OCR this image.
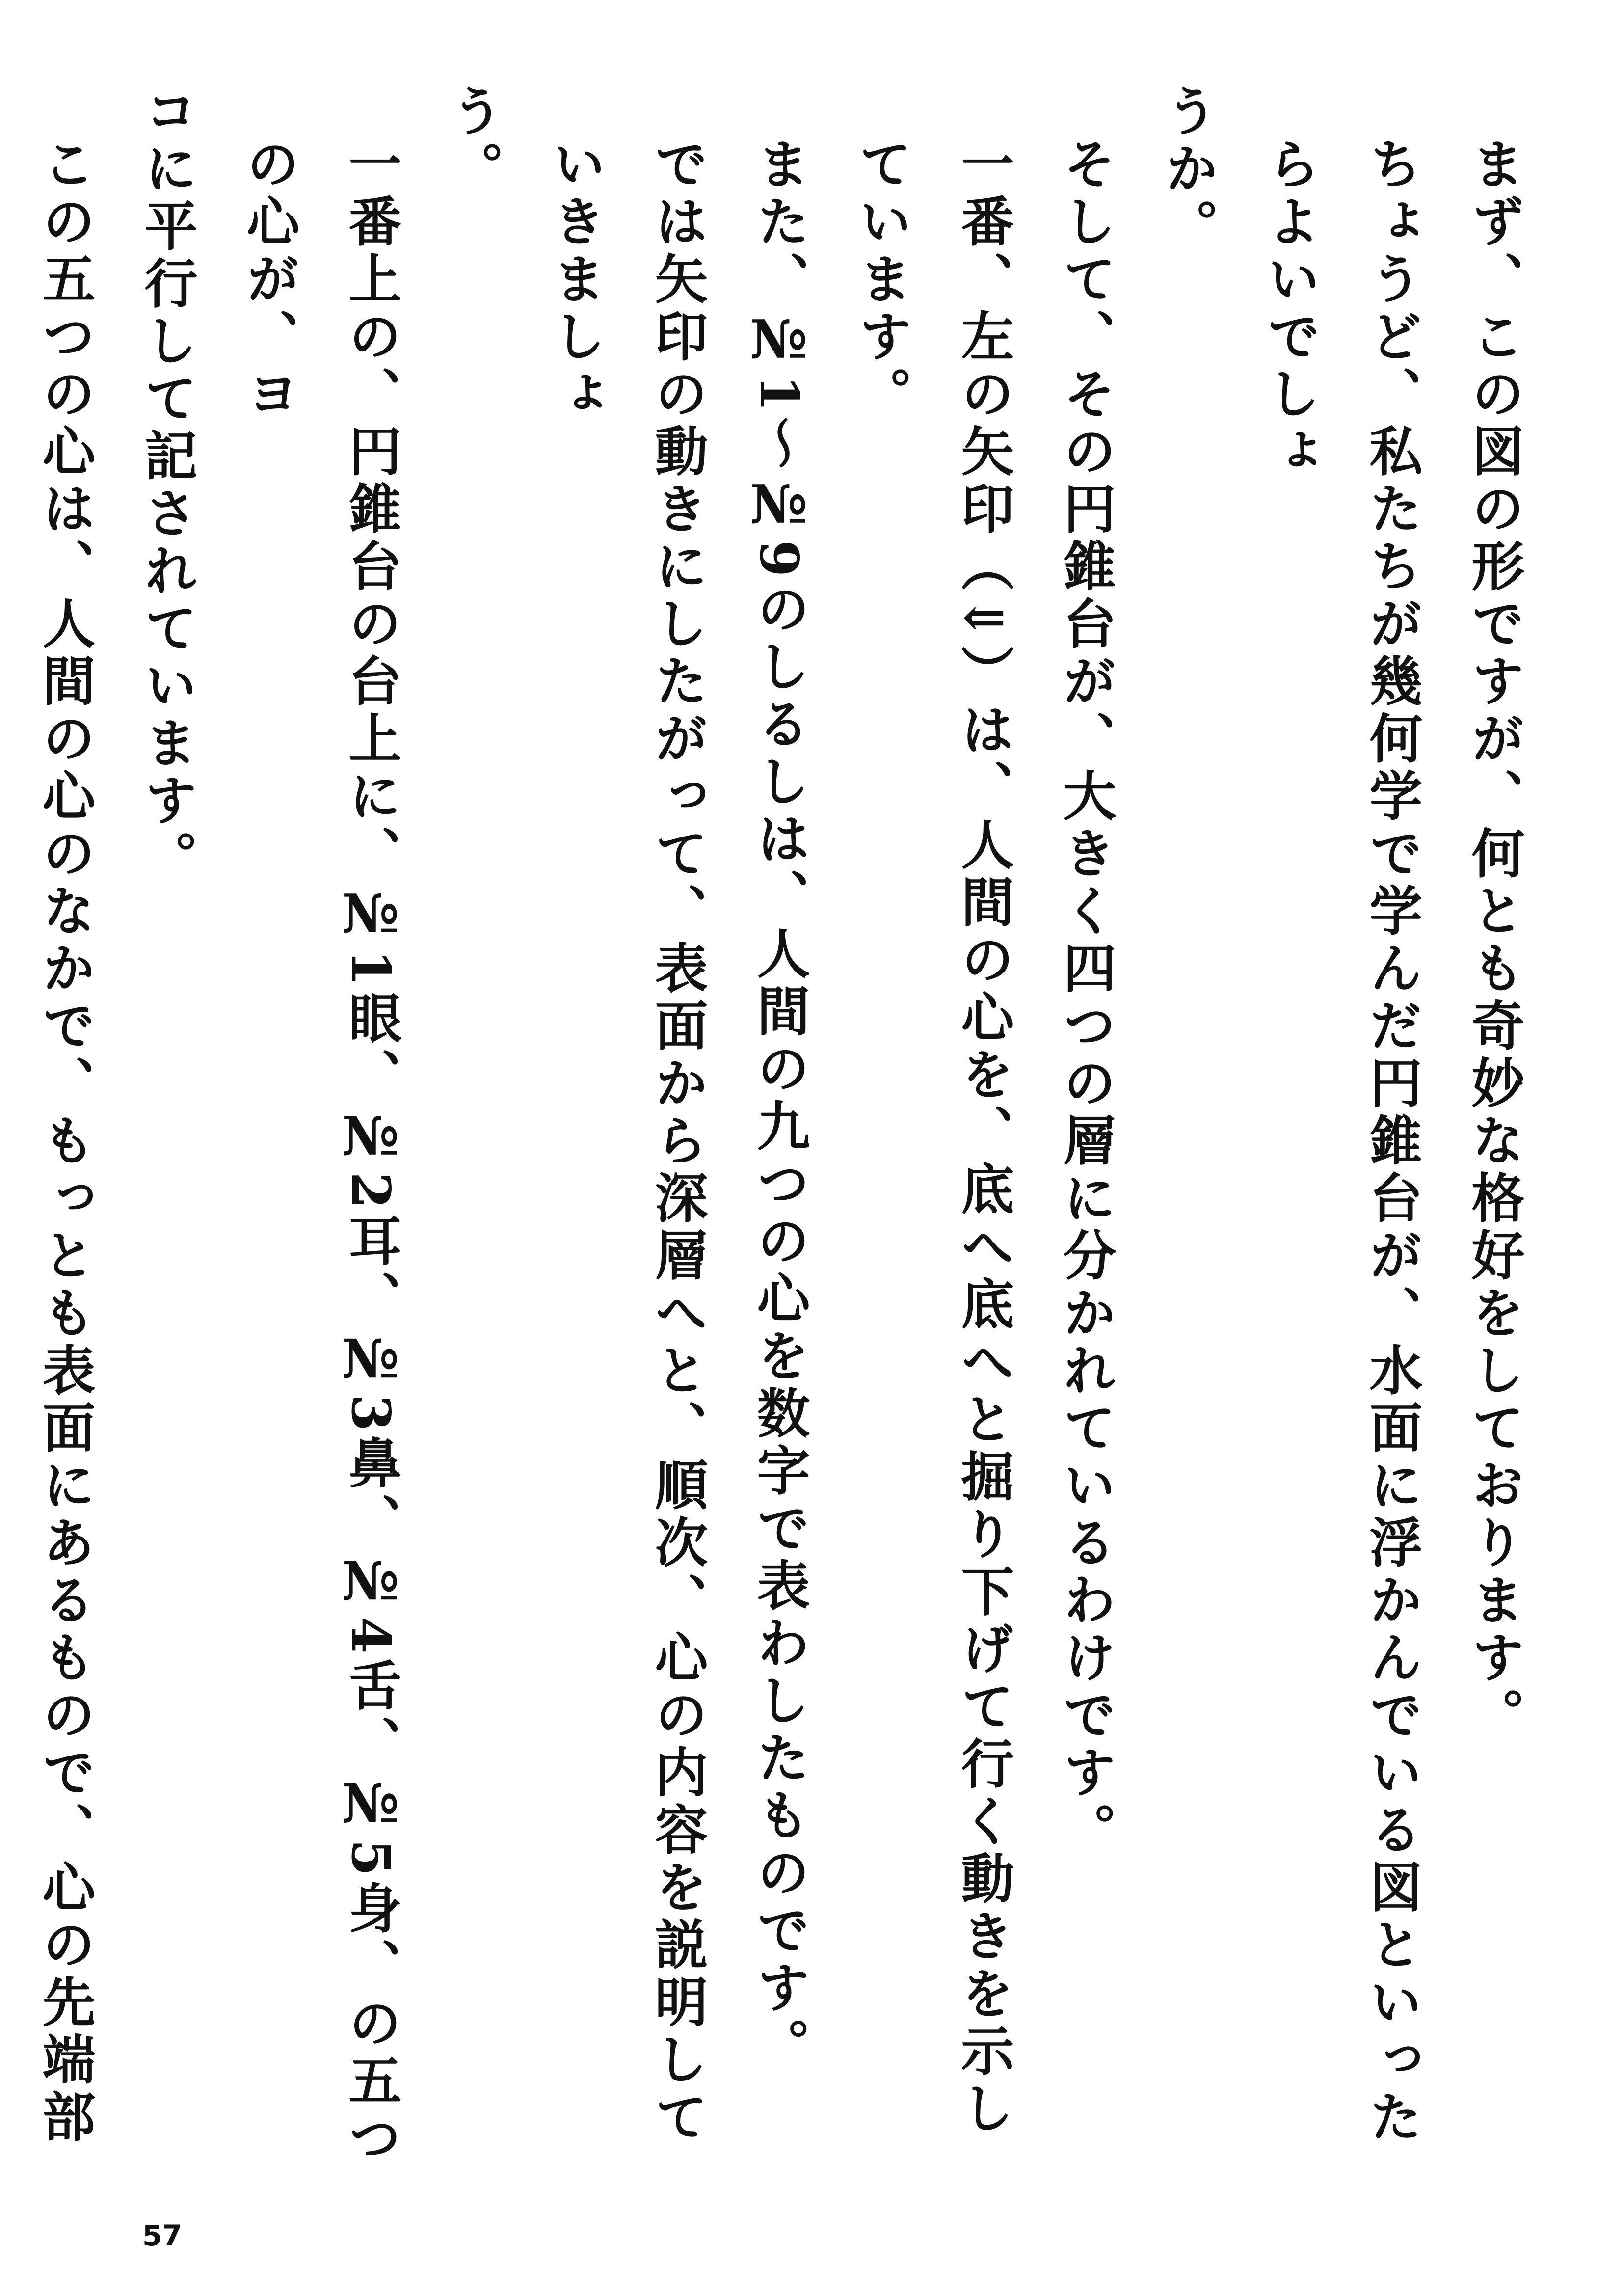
まず、この図の形ですが、何とも奇妙な格好をしております。
ちょうど、私たちが幾何学で学んだ円錐台が、水面に浮かんでいる図といったらよいでしょ
うか。
そして、その円錐台が、大きく四つの層に分かれているわけです。
一番、左の矢印（⇓）は、人間の心を、底へ底へと掘り下げて行く動きを示しています。
また、№1～№9のしるしは、人間の九つの心を数字で表わしたものです。
では矢印の動きにしたがって、表面から深層へと、順次、心の内容を説明していきましょ
う。
一番上の、円錐台の台上に、№1眼、№2耳、№3鼻、№4舌、№5身、の五つの心が、ヨ
コに平行して記されています。
この五つの心は、人間の心のなかで、もっとも表面にあるもので、心の先端部
57
